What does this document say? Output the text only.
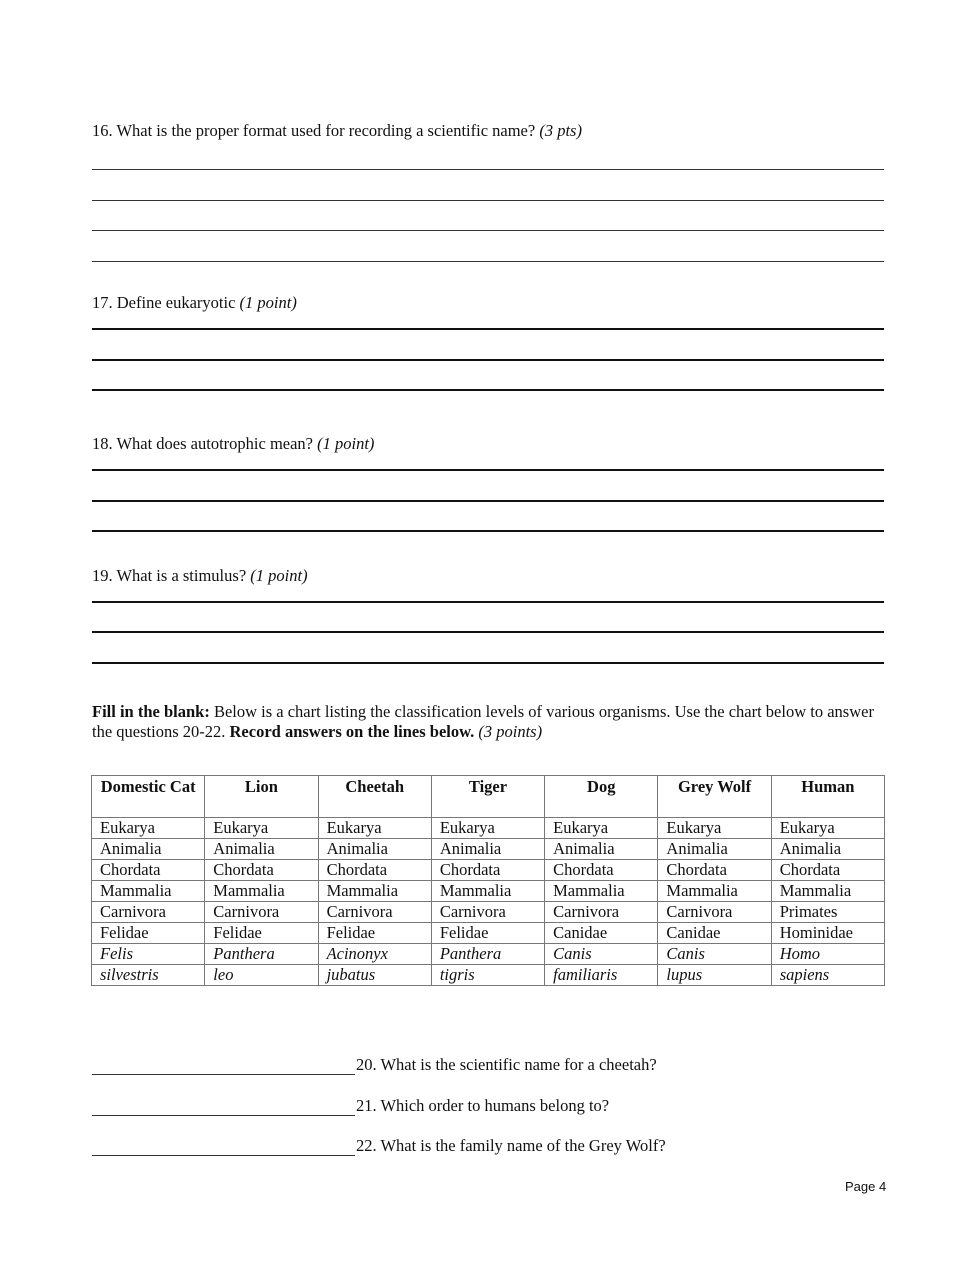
16. What is the proper format used for recording a scientific name? (3 pts)
17. Define eukaryotic (1 point)
18. What does autotrophic mean? (1 point)
19. What is a stimulus? (1 point)
Fill in the blank: Below is a chart listing the classification levels of various organisms. Use the chart below to answer the questions 20-22. Record answers on the lines below. (3 points)
Domestic Cat	Lion	Cheetah	Tiger	Dog	Grey Wolf	Human
Eukarya	Eukarya	Eukarya	Eukarya	Eukarya	Eukarya	Eukarya
Animalia	Animalia	Animalia	Animalia	Animalia	Animalia	Animalia
Chordata	Chordata	Chordata	Chordata	Chordata	Chordata	Chordata
Mammalia	Mammalia	Mammalia	Mammalia	Mammalia	Mammalia	Mammalia
Carnivora	Carnivora	Carnivora	Carnivora	Carnivora	Carnivora	Primates
Felidae	Felidae	Felidae	Felidae	Canidae	Canidae	Hominidae
Felis	Panthera	Acinonyx	Panthera	Canis	Canis	Homo
silvestris	leo	jubatus	tigris	familiaris	lupus	sapiens
20. What is the scientific name for a cheetah?
21. Which order to humans belong to?
22. What is the family name of the Grey Wolf?
Page 4
